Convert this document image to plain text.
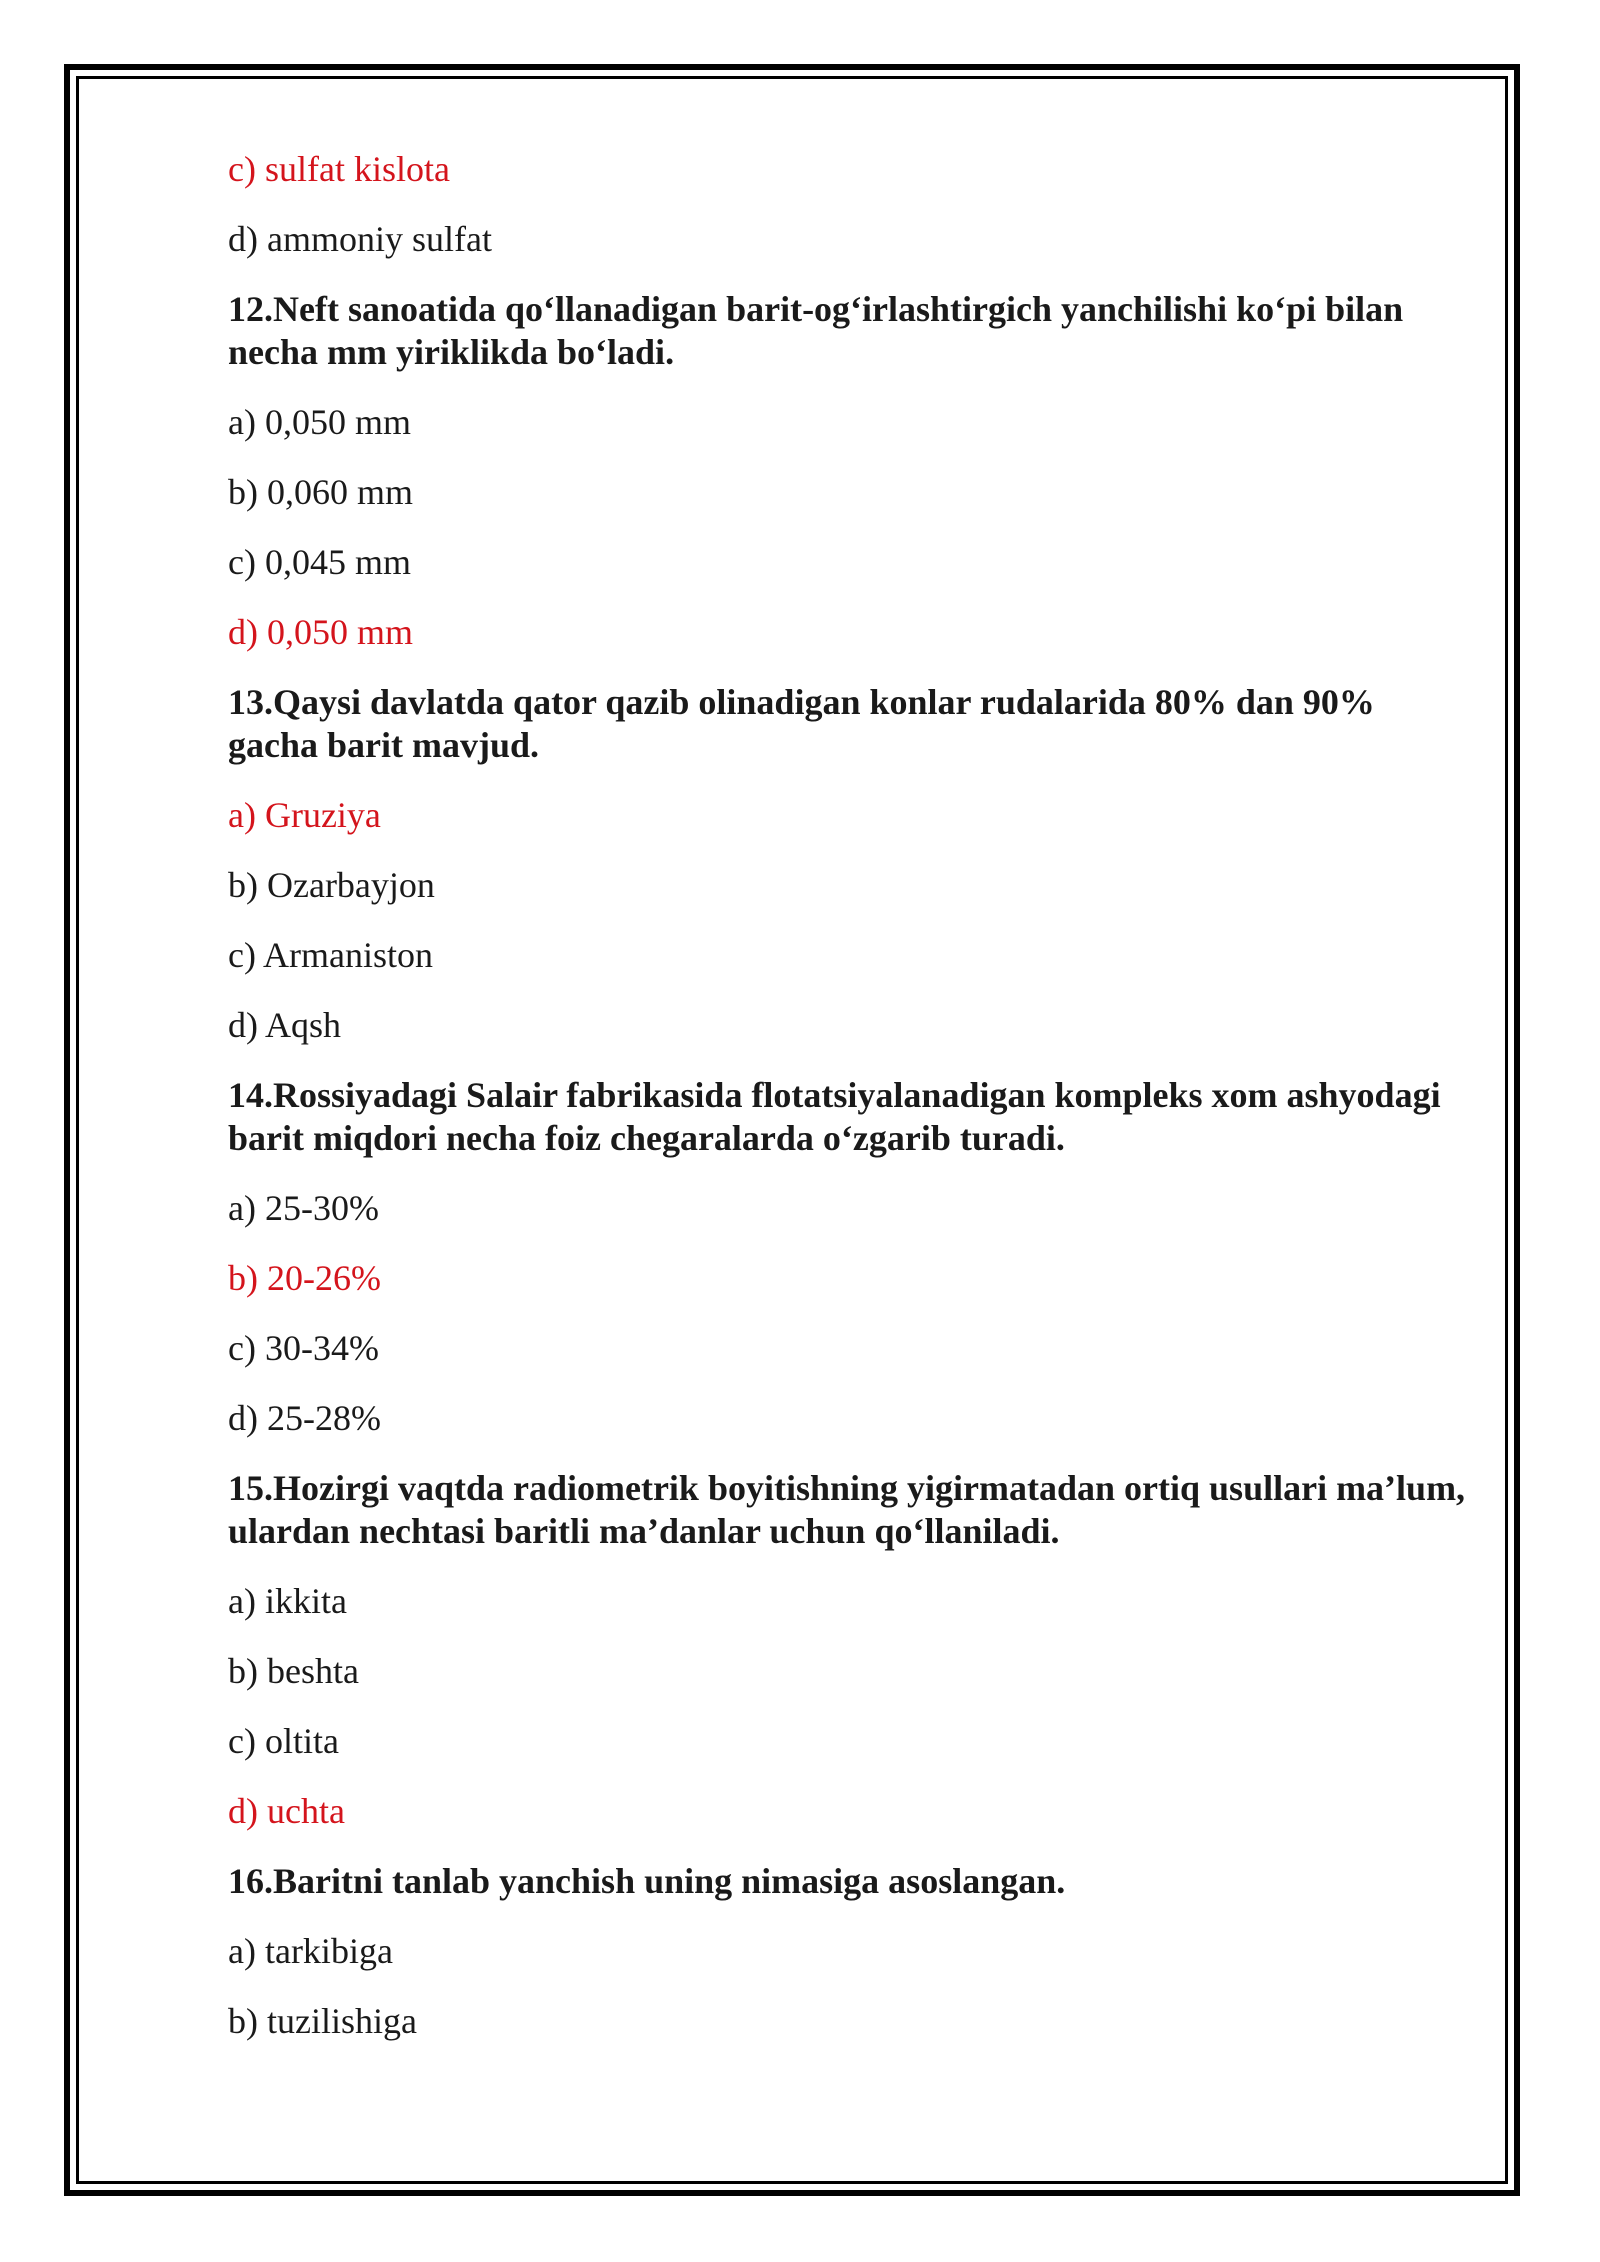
c) sulfat kislota

d) ammoniy sulfat

12.Neft sanoatida qo‘llanadigan barit-og‘irlashtirgich yanchilishi ko‘pi bilan necha mm yiriklikda bo‘ladi.

a) 0,050 mm

b) 0,060 mm

c) 0,045 mm

d) 0,050 mm

13.Qaysi davlatda qator qazib olinadigan konlar rudalarida 80% dan 90% gacha barit mavjud.

a) Gruziya

b) Ozarbayjon

c) Armaniston

d) Aqsh

14.Rossiyadagi Salair fabrikasida flotatsiyalanadigan kompleks xom ashyodagi barit miqdori necha foiz chegaralarda o‘zgarib turadi.

a) 25-30%

b) 20-26%

c) 30-34%

d) 25-28%

15.Hozirgi vaqtda radiometrik boyitishning yigirmatadan ortiq usullari ma’lum, ulardan nechtasi baritli ma’danlar uchun qo‘llaniladi.

a) ikkita

b) beshta

c) oltita

d) uchta

16.Baritni tanlab yanchish uning nimasiga asoslangan.

a) tarkibiga

b) tuzilishiga
